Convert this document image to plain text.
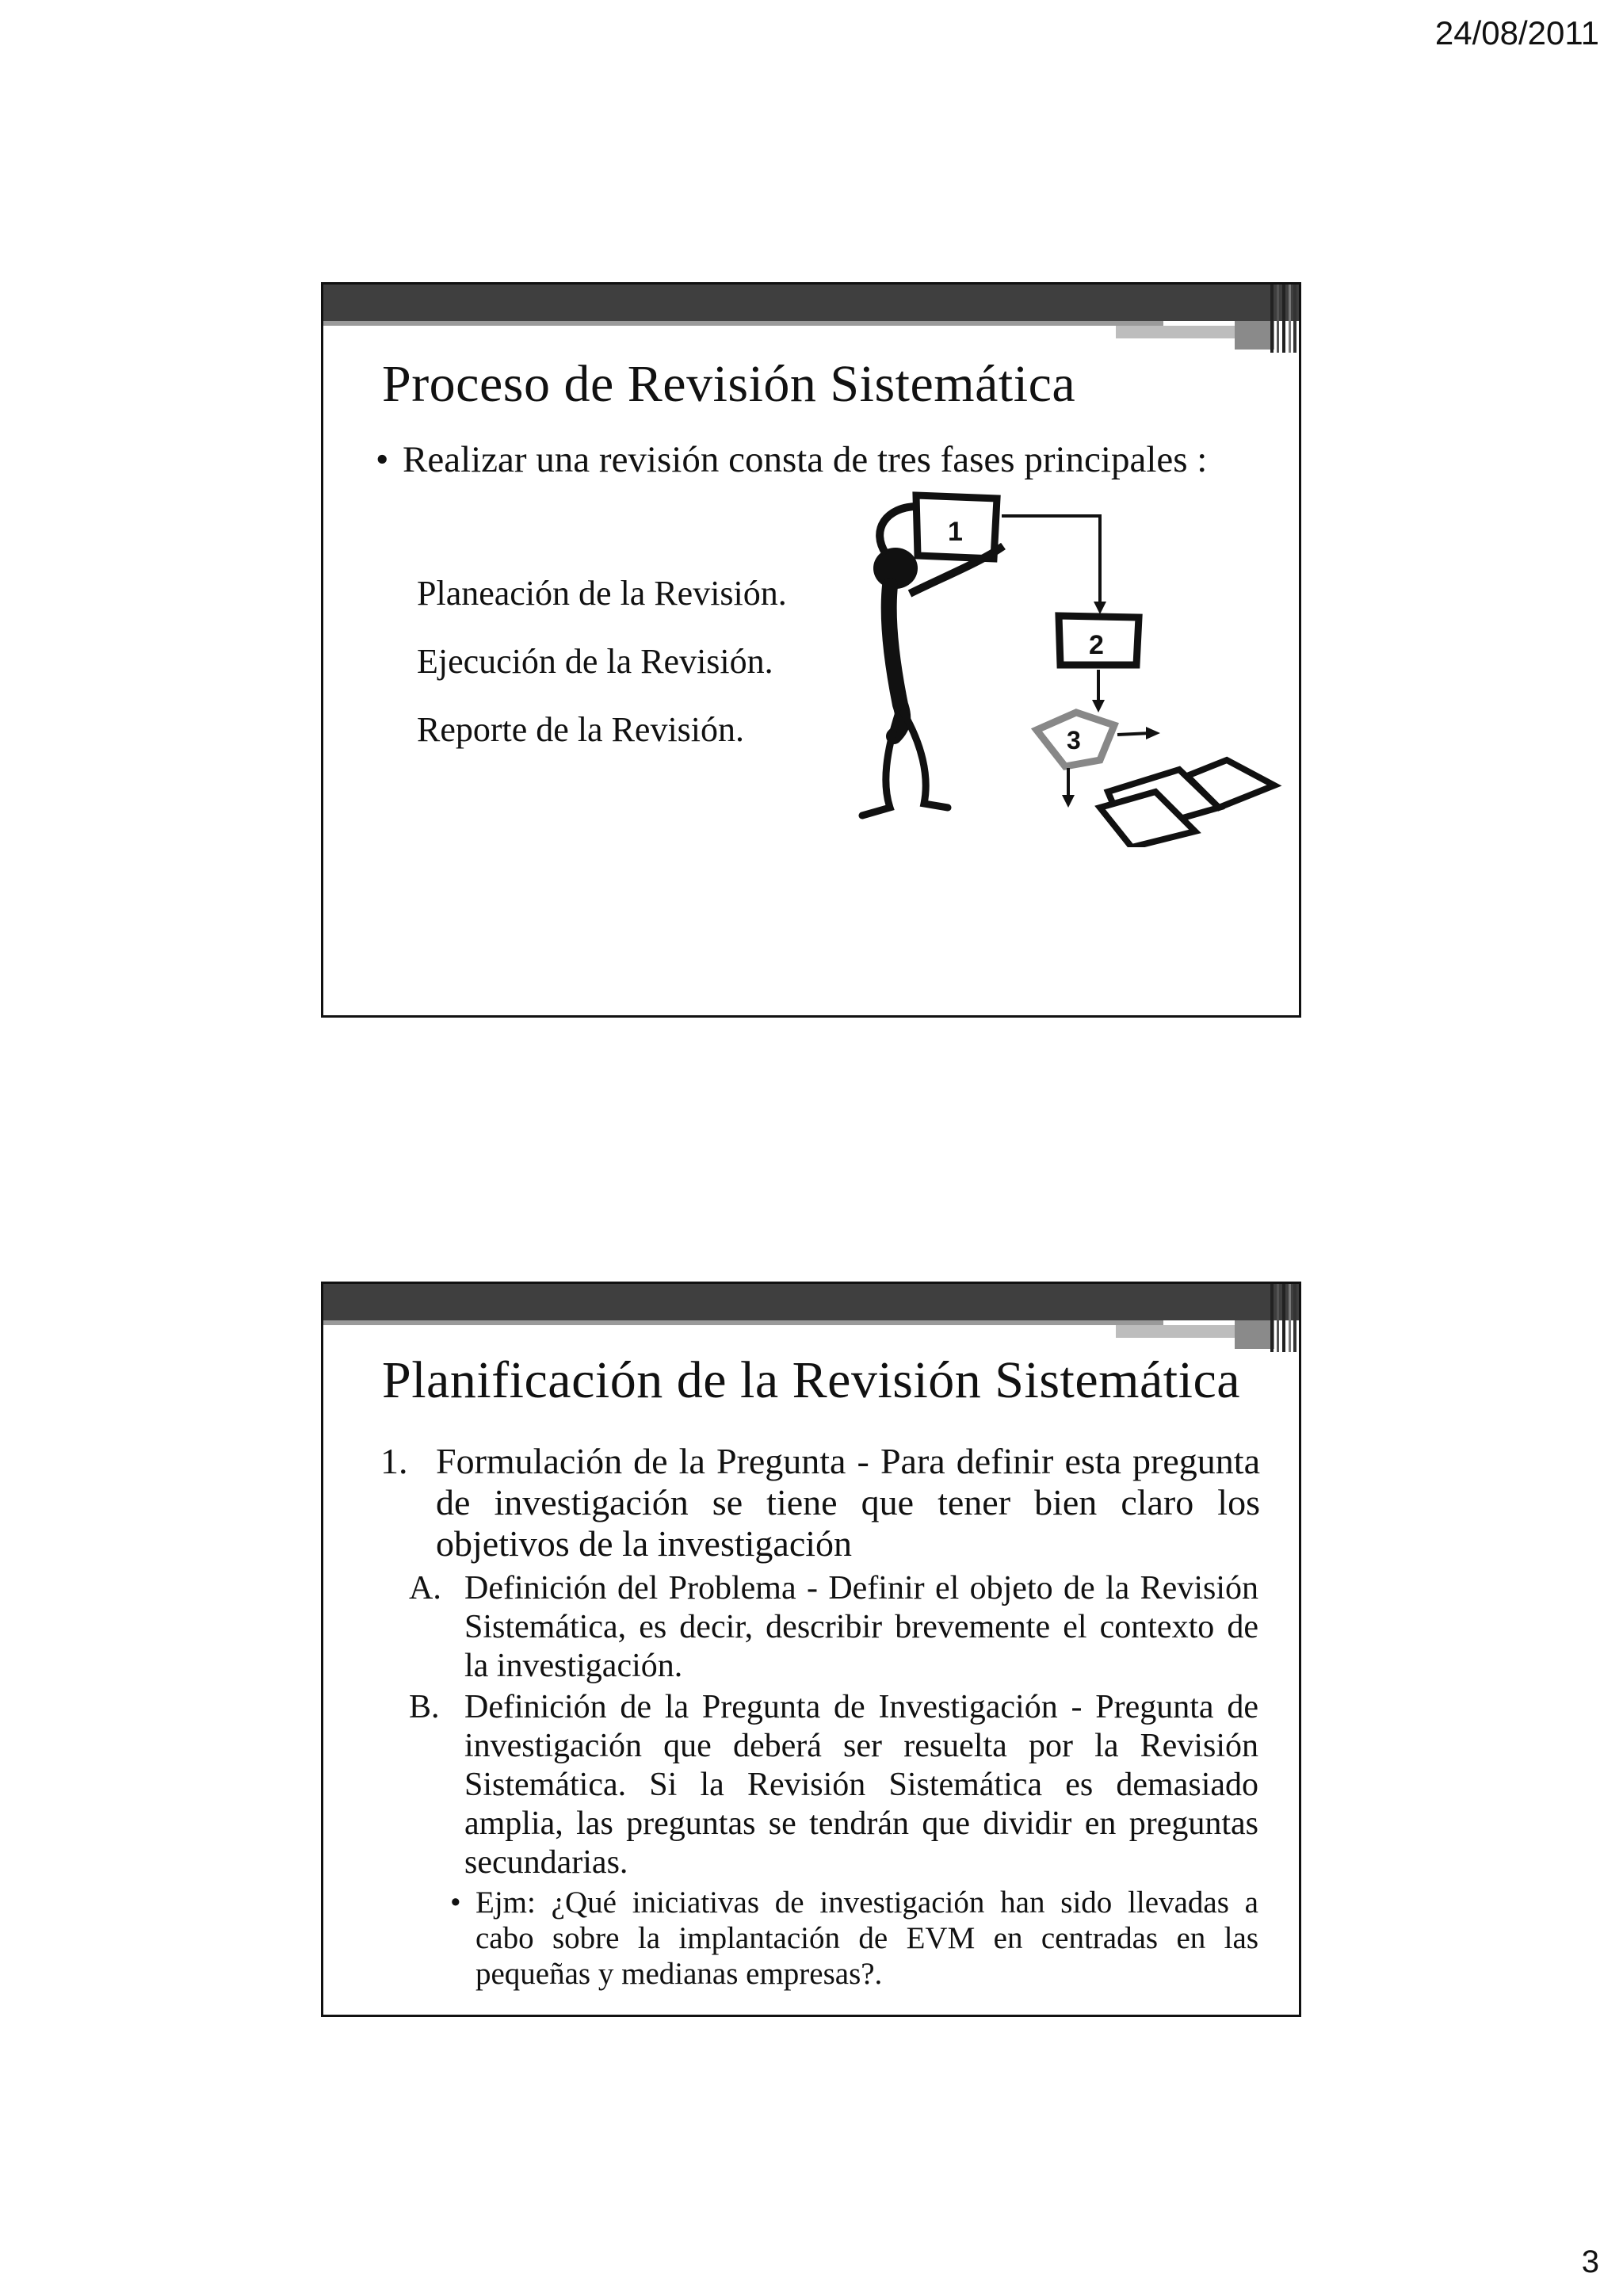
24/08/2011
Proceso de Revisión Sistemática
• Realizar una revisión consta de tres fases principales :
Planeación de la Revisión.
Ejecución de la Revisión.
Reporte de la Revisión.
1
2
3
Planificación de la Revisión Sistemática
1. Formulación de la Pregunta - Para definir esta pregunta de investigación se tiene que tener bien claro los objetivos de la investigación
A. Definición del Problema - Definir el objeto de la Revisión Sistemática, es decir, describir brevemente el contexto de la investigación.
B. Definición de la Pregunta de Investigación - Pregunta de investigación que deberá ser resuelta por la Revisión Sistemática. Si la Revisión Sistemática es demasiado amplia, las preguntas se tendrán que dividir en preguntas secundarias.
• Ejm: ¿Qué iniciativas de investigación han sido llevadas a cabo sobre la implantación de EVM en centradas en las pequeñas y medianas empresas?.
3
